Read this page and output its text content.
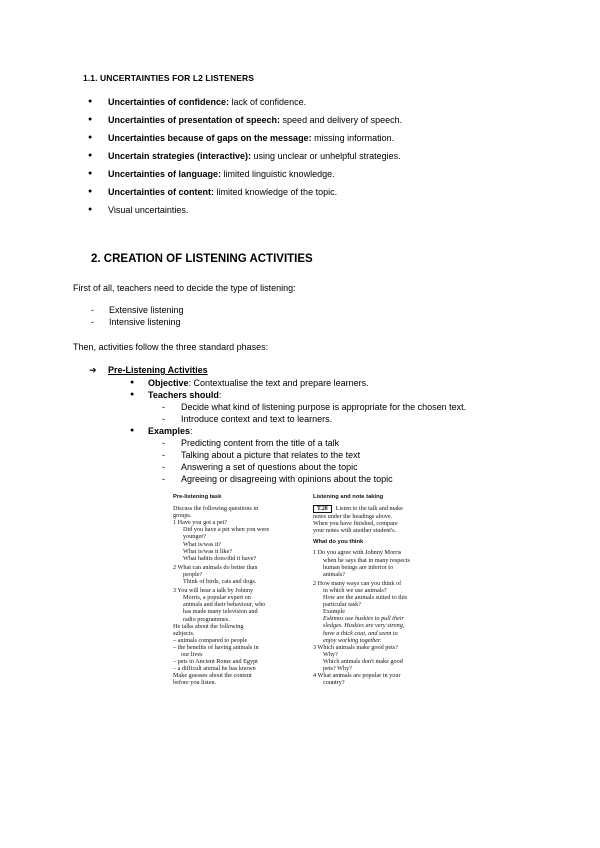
1.1. UNCERTAINTIES FOR L2 LISTENERS
● Uncertainties of confidence: lack of confidence.
● Uncertainties of presentation of speech: speed and delivery of speech.
● Uncertainties because of gaps on the message: missing information.
● Uncertain strategies (interactive): using unclear or unhelpful strategies.
● Uncertainties of language: limited linguistic knowledge.
● Uncertainties of content: limited knowledge of the topic.
● Visual uncertainties.
2. CREATION OF LISTENING ACTIVITIES
First of all, teachers need to decide the type of listening:
- Extensive listening
- Intensive listening
Then, activities follow the three standard phases:
➔ Pre-Listening Activities
● Objective: Contextualise the text and prepare learners.
● Teachers should:
- Decide what kind of listening purpose is appropriate for the chosen text.
- Introduce context and text to learners.
● Examples:
- Predicting content from the title of a talk
- Talking about a picture that relates to the text
- Answering a set of questions about the topic
- Agreeing or disagreeing with opinions about the topic
Pre-listening task
Discuss the following questions in
groups.
1 Have you got a pet?
Did you have a pet when you were
younger?
What is/was it?
What is/was it like?
What habits does/did it have?
2 What can animals do better than
people?
Think of birds, cats and dogs.
3 You will hear a talk by Johnny
Morris, a popular expert on
animals and their behaviour, who
has made many television and
radio programmes.
He talks about the following
subjects.
– animals compared to people
– the benefits of having animals in
our lives
– pets in Ancient Rome and Egypt
– a difficult animal he has known
Make guesses about the content
before you listen.
Listening and note taking
T.28 Listen to the talk and make
notes under the headings above.
When you have finished, compare
your notes with another student's.
What do you think
1 Do you agree with Johnny Morris
when he says that in many respects
human beings are inferior to
animals?
2 How many ways can you think of
in which we use animals?
How are the animals suited to this
particular task?
Example
Eskimos use huskies to pull their
sledges. Huskies are very strong,
have a thick coat, and seem to
enjoy working together.
3 Which animals make good pets?
Why?
Which animals don't make good
pets? Why?
4 What animals are popular in your
country?
